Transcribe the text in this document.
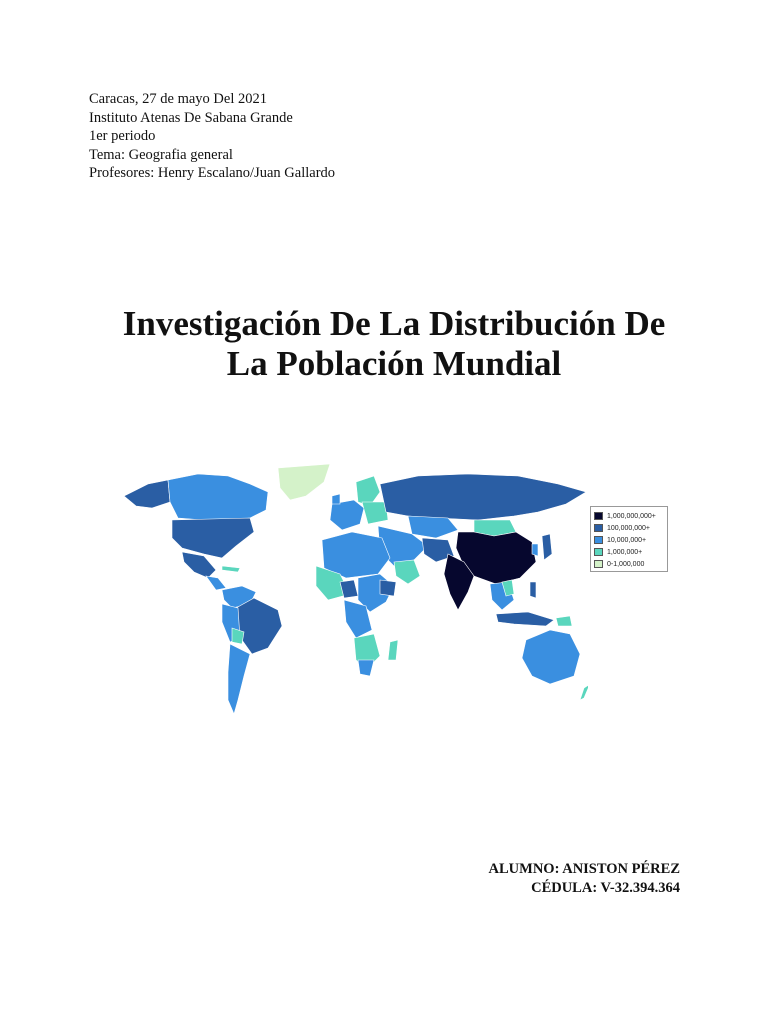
Caracas, 27 de mayo Del 2021
Instituto Atenas De Sabana Grande
1er periodo
Tema: Geografia general
Profesores: Henry Escalano/Juan Gallardo
Investigación De La Distribución De
La Población Mundial
1,000,000,000+
100,000,000+
10,000,000+
1,000,000+
0-1,000,000
ALUMNO: ANISTON PÉREZ
CÉDULA: V-32.394.364
